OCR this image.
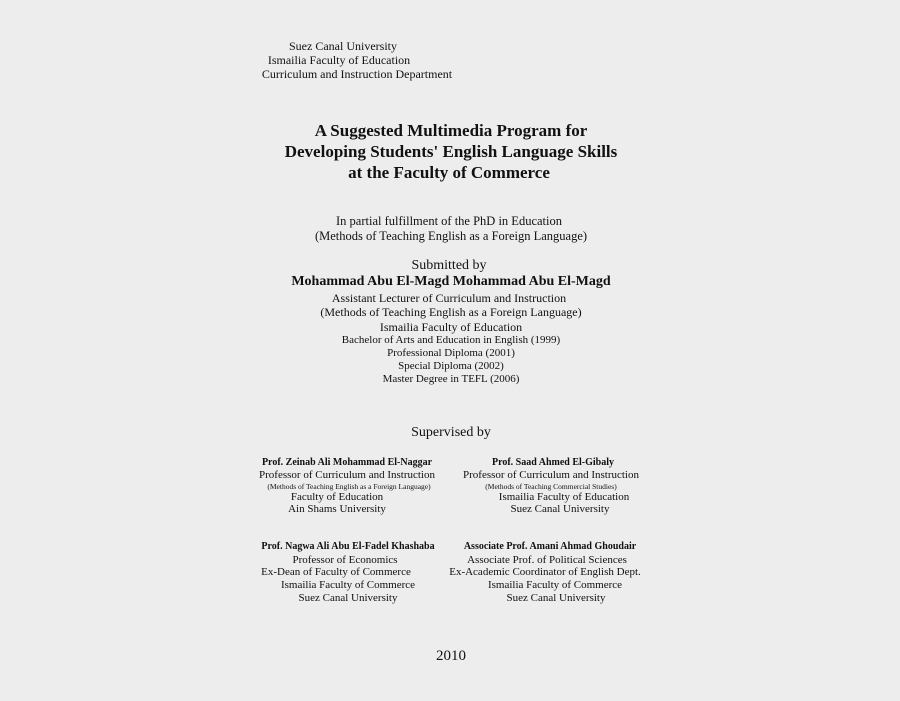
Suez Canal University
Ismailia Faculty of Education
Curriculum and Instruction Department
A Suggested Multimedia Program for
Developing Students' English Language Skills
at the Faculty of Commerce
In partial fulfillment of the PhD in Education
(Methods of Teaching English as a Foreign Language)
Submitted by
Mohammad Abu El-Magd Mohammad Abu El-Magd
Assistant Lecturer of Curriculum and Instruction
(Methods of Teaching English as a Foreign Language)
Ismailia Faculty of Education
Bachelor of Arts and Education in English (1999)
Professional Diploma (2001)
Special Diploma (2002)
Master Degree in TEFL (2006)
Supervised by
Prof. Zeinab Ali Mohammad El-Naggar
Professor of Curriculum and Instruction
(Methods of Teaching English as a Foreign Language)
Faculty of Education
Ain Shams University
Prof. Saad Ahmed El-Gibaly
Professor of Curriculum and Instruction
(Methods of Teaching Commercial Studies)
Ismailia Faculty of Education
Suez Canal University
Prof. Nagwa Ali Abu El-Fadel Khashaba
Professor of Economics
Ex-Dean of Faculty of Commerce
Ismailia Faculty of Commerce
Suez Canal University
Associate Prof. Amani Ahmad Ghoudair
Associate Prof. of Political Sciences
Ex-Academic Coordinator of English Dept.
Ismailia Faculty of Commerce
Suez Canal University
2010
